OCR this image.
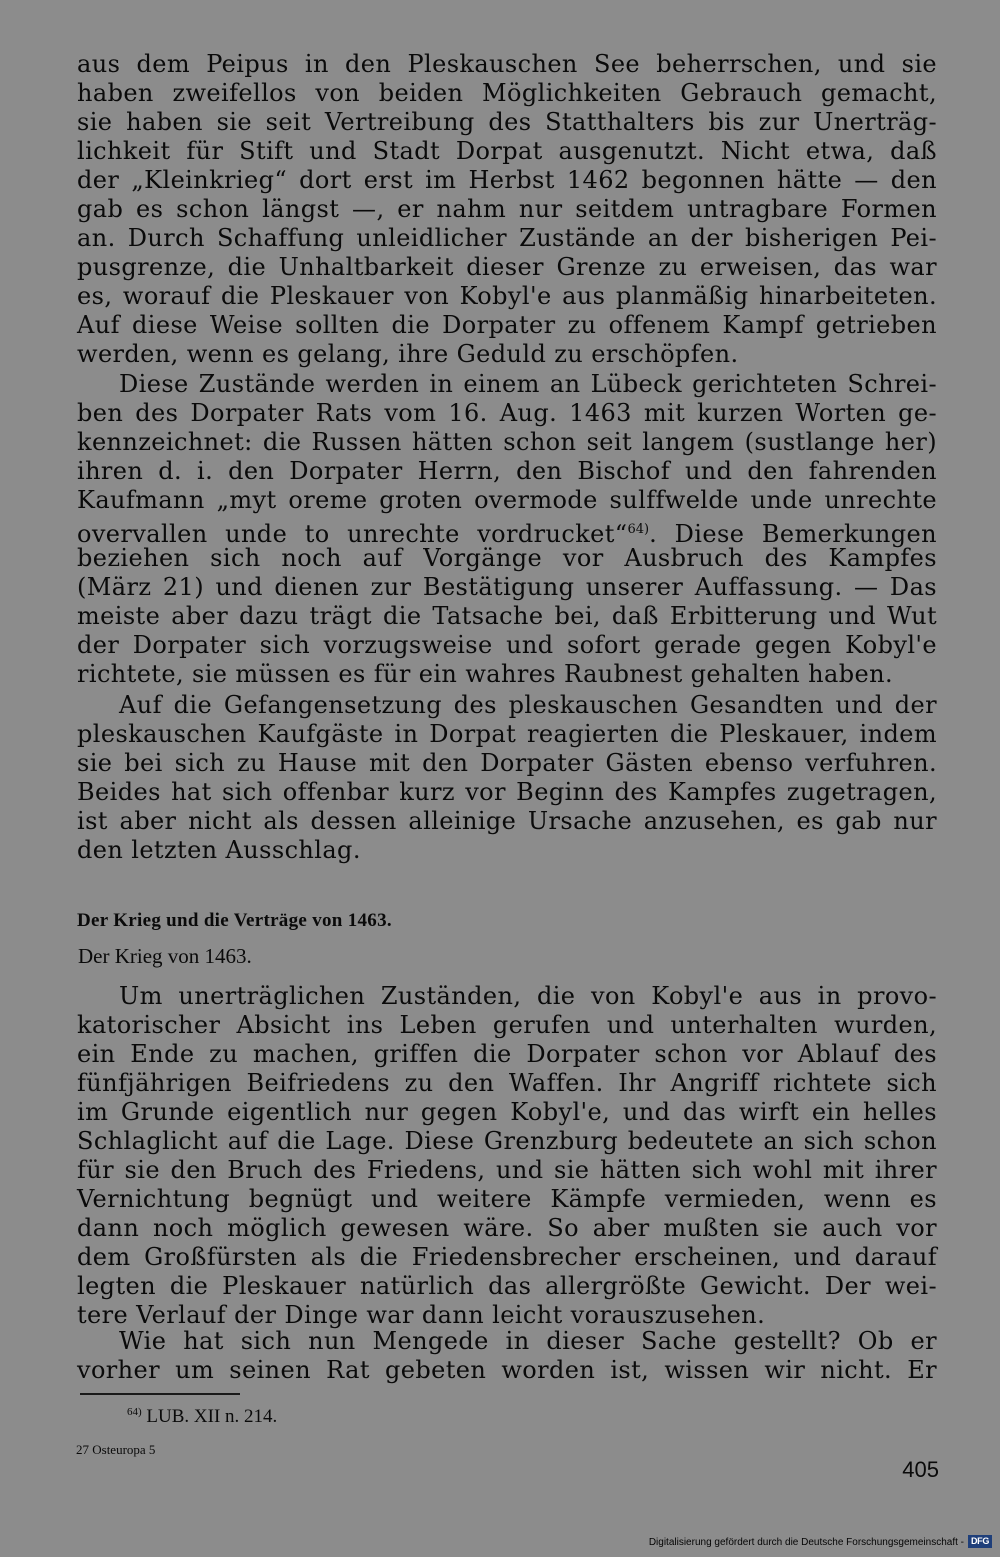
aus dem Peipus in den Pleskauschen See beherrschen, und sie
haben zweifellos von beiden Möglichkeiten Gebrauch gemacht,
sie haben sie seit Vertreibung des Statthalters bis zur Unerträg-
lichkeit für Stift und Stadt Dorpat ausgenutzt. Nicht etwa, daß
der „Kleinkrieg“ dort erst im Herbst 1462 begonnen hätte — den
gab es schon längst —, er nahm nur seitdem untragbare Formen
an. Durch Schaffung unleidlicher Zustände an der bisherigen Pei-
pusgrenze, die Unhaltbarkeit dieser Grenze zu erweisen, das war
es, worauf die Pleskauer von Kobyl'e aus planmäßig hinarbeiteten.
Auf diese Weise sollten die Dorpater zu offenem Kampf getrieben
werden, wenn es gelang, ihre Geduld zu erschöpfen.
Diese Zustände werden in einem an Lübeck gerichteten Schrei-
ben des Dorpater Rats vom 16. Aug. 1463 mit kurzen Worten ge-
kennzeichnet: die Russen hätten schon seit langem (sustlange her)
ihren d. i. den Dorpater Herrn, den Bischof und den fahrenden
Kaufmann „myt oreme groten overmode sulffwelde unde unrechte
overvallen unde to unrechte vordrucket“$^{64)}$. Diese Bemerkungen
beziehen sich noch auf Vorgänge vor Ausbruch des Kampfes
(März 21) und dienen zur Bestätigung unserer Auffassung. — Das
meiste aber dazu trägt die Tatsache bei, daß Erbitterung und Wut
der Dorpater sich vorzugsweise und sofort gerade gegen Kobyl'e
richtete, sie müssen es für ein wahres Raubnest gehalten haben.
Auf die Gefangensetzung des pleskauschen Gesandten und der
pleskauschen Kaufgäste in Dorpat reagierten die Pleskauer, indem
sie bei sich zu Hause mit den Dorpater Gästen ebenso verfuhren.
Beides hat sich offenbar kurz vor Beginn des Kampfes zugetragen,
ist aber nicht als dessen alleinige Ursache anzusehen, es gab nur
den letzten Ausschlag.
Der Krieg und die Verträge von 1463.
Der Krieg von 1463.
Um unerträglichen Zuständen, die von Kobyl'e aus in provo-
katorischer Absicht ins Leben gerufen und unterhalten wurden,
ein Ende zu machen, griffen die Dorpater schon vor Ablauf des
fünfjährigen Beifriedens zu den Waffen. Ihr Angriff richtete sich
im Grunde eigentlich nur gegen Kobyl'e, und das wirft ein helles
Schlaglicht auf die Lage. Diese Grenzburg bedeutete an sich schon
für sie den Bruch des Friedens, und sie hätten sich wohl mit ihrer
Vernichtung begnügt und weitere Kämpfe vermieden, wenn es
dann noch möglich gewesen wäre. So aber mußten sie auch vor
dem Großfürsten als die Friedensbrecher erscheinen, und darauf
legten die Pleskauer natürlich das allergrößte Gewicht. Der wei-
tere Verlauf der Dinge war dann leicht vorauszusehen.
Wie hat sich nun Mengede in dieser Sache gestellt? Ob er
vorher um seinen Rat gebeten worden ist, wissen wir nicht. Er
$^{64)}$ LUB. XII n. 214.
27 Osteuropa 5
405
Digitalisierung gefördert durch die Deutsche Forschungsgemeinschaft - DFG
